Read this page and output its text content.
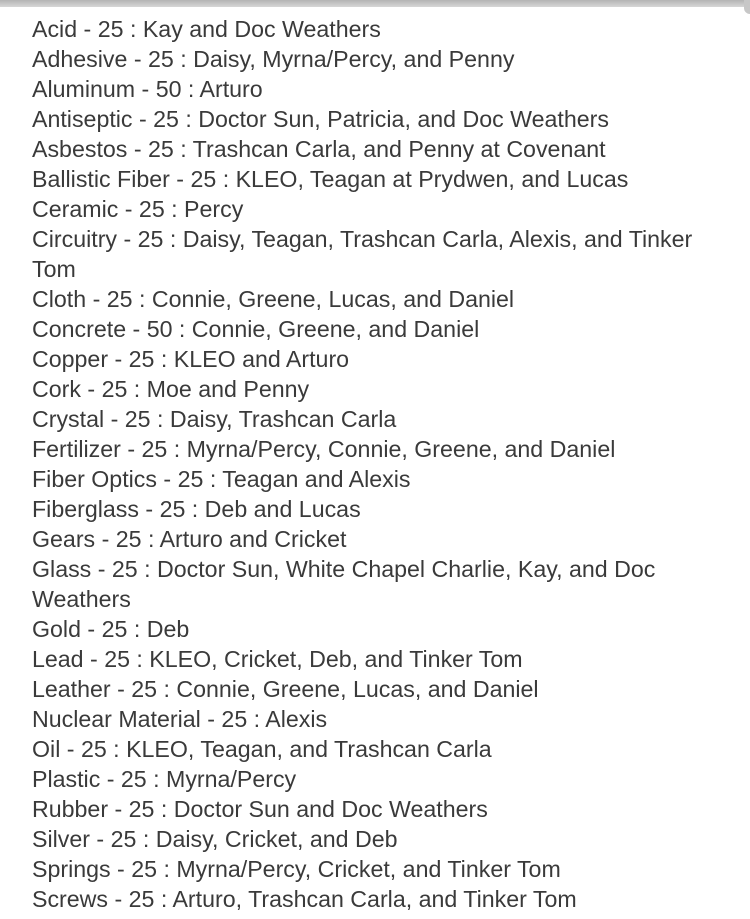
Acid - 25 : Kay and Doc Weathers
Adhesive - 25 : Daisy, Myrna/Percy, and Penny
Aluminum - 50 : Arturo
Antiseptic - 25 : Doctor Sun, Patricia, and Doc Weathers
Asbestos - 25 : Trashcan Carla, and Penny at Covenant
Ballistic Fiber - 25 : KLEO, Teagan at Prydwen, and Lucas
Ceramic - 25 : Percy
Circuitry - 25 : Daisy, Teagan, Trashcan Carla, Alexis, and Tinker Tom
Cloth - 25 : Connie, Greene, Lucas, and Daniel
Concrete - 50 : Connie, Greene, and Daniel
Copper - 25 : KLEO and Arturo
Cork - 25 : Moe and Penny
Crystal - 25 : Daisy, Trashcan Carla
Fertilizer - 25 : Myrna/Percy, Connie, Greene, and Daniel
Fiber Optics - 25 : Teagan and Alexis
Fiberglass - 25 : Deb and Lucas
Gears - 25 : Arturo and Cricket
Glass - 25 : Doctor Sun, White Chapel Charlie, Kay, and Doc Weathers
Gold - 25 : Deb
Lead - 25 : KLEO, Cricket, Deb, and Tinker Tom
Leather - 25 : Connie, Greene, Lucas, and Daniel
Nuclear Material - 25 : Alexis
Oil - 25 : KLEO, Teagan, and Trashcan Carla
Plastic - 25 : Myrna/Percy
Rubber - 25 : Doctor Sun and Doc Weathers
Silver - 25 : Daisy, Cricket, and Deb
Springs - 25 : Myrna/Percy, Cricket, and Tinker Tom
Screws - 25 : Arturo, Trashcan Carla, and Tinker Tom
